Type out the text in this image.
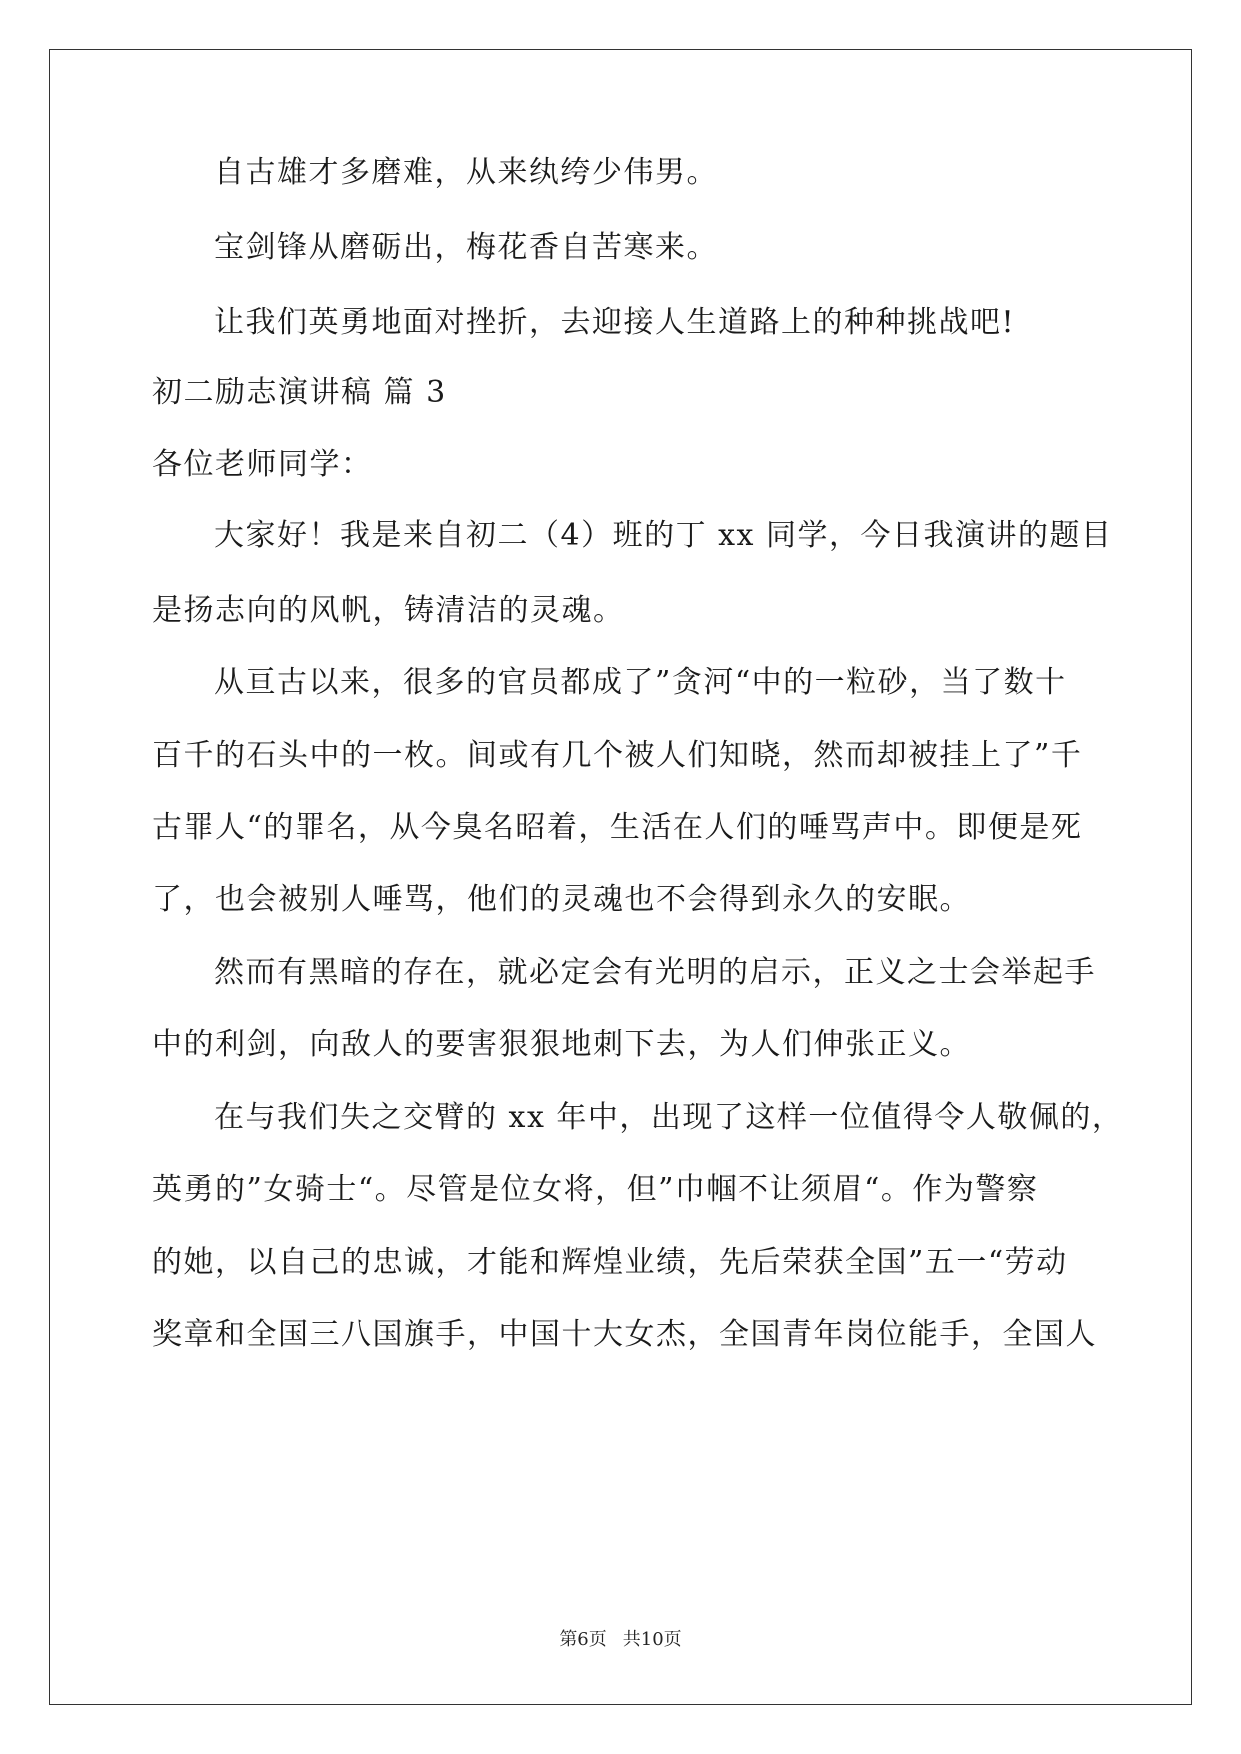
自古雄才多磨难，从来纨绔少伟男。
宝剑锋从磨砺出，梅花香自苦寒来。
让我们英勇地面对挫折，去迎接人生道路上的种种挑战吧!
初二励志演讲稿 篇 3
各位老师同学：
大家好！我是来自初二（4）班的丁 xx 同学，今日我演讲的题目
是扬志向的风帆，铸清洁的灵魂。
从亘古以来，很多的官员都成了”贪河“中的一粒砂，当了数十
百千的石头中的一枚。间或有几个被人们知晓，然而却被挂上了”千
古罪人“的罪名，从今臭名昭着，生活在人们的唾骂声中。即便是死
了，也会被别人唾骂，他们的灵魂也不会得到永久的安眠。
然而有黑暗的存在，就必定会有光明的启示，正义之士会举起手
中的利剑，向敌人的要害狠狠地刺下去，为人们伸张正义。
在与我们失之交臂的 xx 年中，出现了这样一位值得令人敬佩的，
英勇的”女骑士“。尽管是位女将，但”巾帼不让须眉“。作为警察
的她，以自己的忠诚，才能和辉煌业绩，先后荣获全国”五一“劳动
奖章和全国三八国旗手，中国十大女杰，全国青年岗位能手，全国人
第6页 共10页
